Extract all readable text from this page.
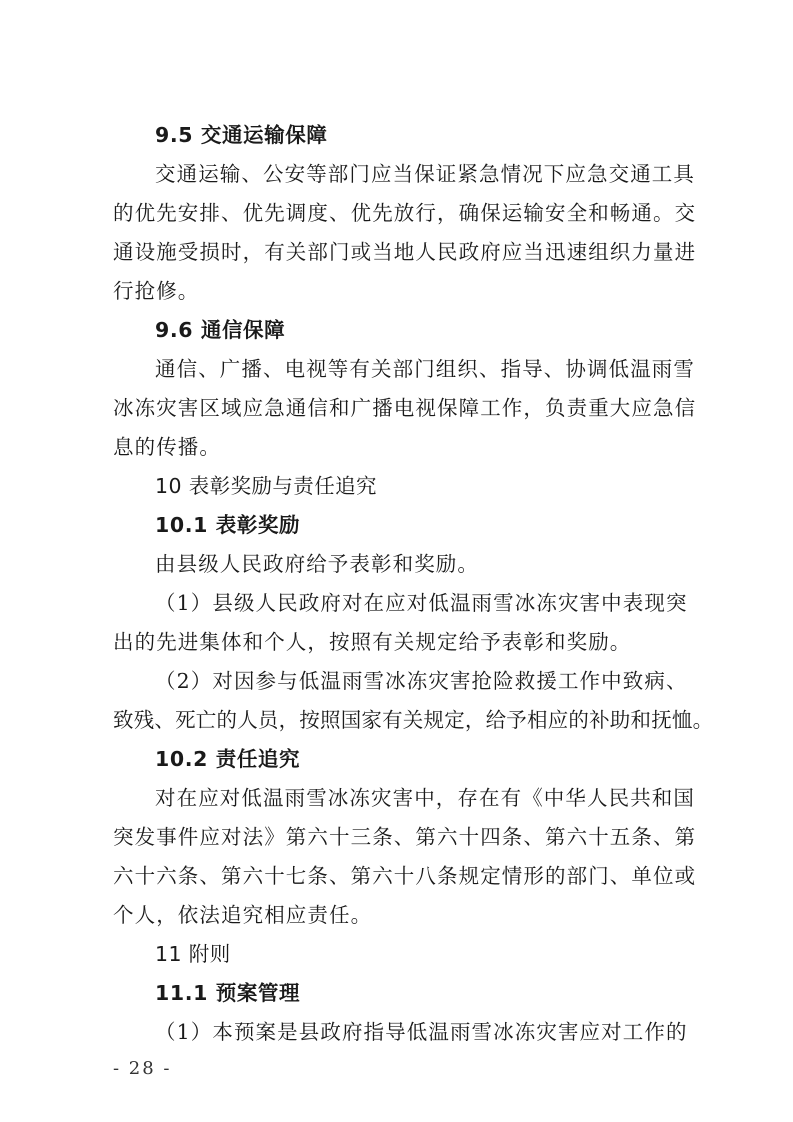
9.5 交通运输保障
交通运输、公安等部门应当保证紧急情况下应急交通工具
的优先安排、优先调度、优先放行，确保运输安全和畅通。交
通设施受损时，有关部门或当地人民政府应当迅速组织力量进
行抢修。
9.6 通信保障
通信、广播、电视等有关部门组织、指导、协调低温雨雪
冰冻灾害区域应急通信和广播电视保障工作，负责重大应急信
息的传播。
10 表彰奖励与责任追究
10.1 表彰奖励
由县级人民政府给予表彰和奖励。
（1）县级人民政府对在应对低温雨雪冰冻灾害中表现突
出的先进集体和个人，按照有关规定给予表彰和奖励。
（2）对因参与低温雨雪冰冻灾害抢险救援工作中致病、
致残、死亡的人员，按照国家有关规定，给予相应的补助和抚恤。
10.2 责任追究
对在应对低温雨雪冰冻灾害中，存在有《中华人民共和国
突发事件应对法》第六十三条、第六十四条、第六十五条、第
六十六条、第六十七条、第六十八条规定情形的部门、单位或
个人，依法追究相应责任。
11 附则
11.1 预案管理
（1）本预案是县政府指导低温雨雪冰冻灾害应对工作的
- 28 -
